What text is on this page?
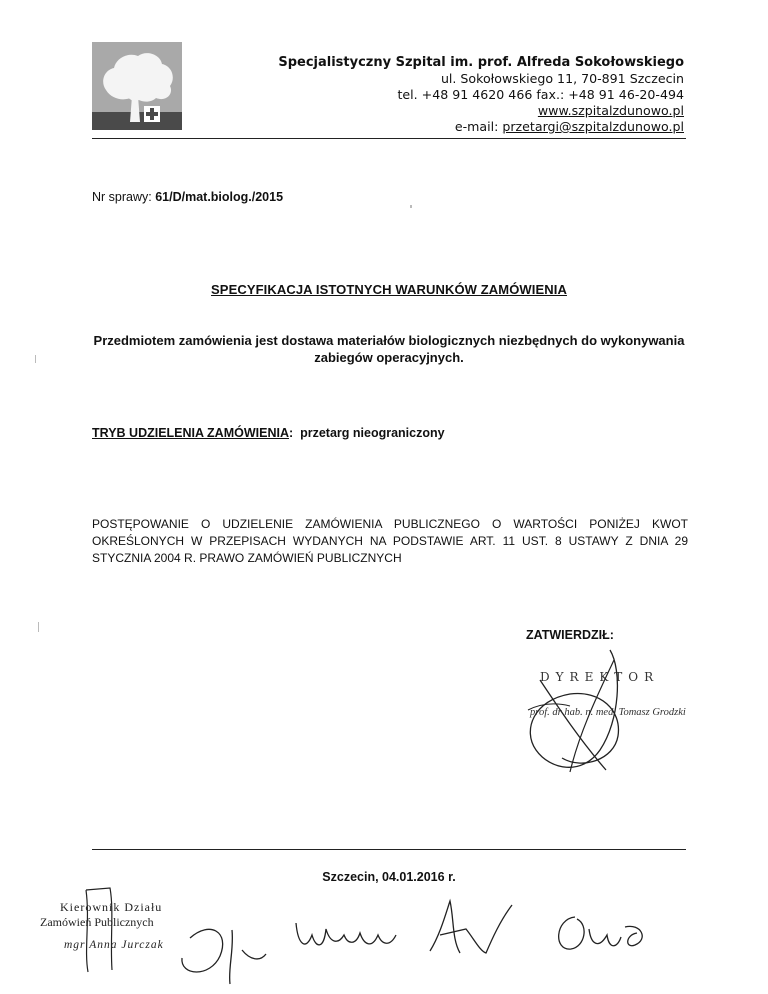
Specjalistyczny Szpital im. prof. Alfreda Sokołowskiego
ul. Sokołowskiego 11, 70-891 Szczecin
tel. +48 91 4620 466 fax.: +48 91 46-20-494
www.szpitalzdunowo.pl
e-mail: przetargi@szpitalzdunowo.pl
Nr sprawy: 61/D/mat.biolog./2015
SPECYFIKACJA ISTOTNYCH WARUNKÓW ZAMÓWIENIA
Przedmiotem zamówienia jest dostawa materiałów biologicznych niezbędnych do wykonywania zabiegów operacyjnych.
TRYB UDZIELENIA ZAMÓWIENIA: przetarg nieograniczony
POSTĘPOWANIE O UDZIELENIE ZAMÓWIENIA PUBLICZNEGO O WARTOŚCI PONIŻEJ KWOT OKREŚLONYCH W PRZEPISACH WYDANYCH NA PODSTAWIE ART. 11 UST. 8 USTAWY Z DNIA 29 STYCZNIA 2004 R. PRAWO ZAMÓWIEŃ PUBLICZNYCH
ZATWIERDZIŁ:
DYREKTOR
prof. dr hab. n. med. Tomasz Grodzki
Szczecin, 04.01.2016 r.
Kierownik Działu
Zamówień Publicznych
mgr Anna Jurczak
